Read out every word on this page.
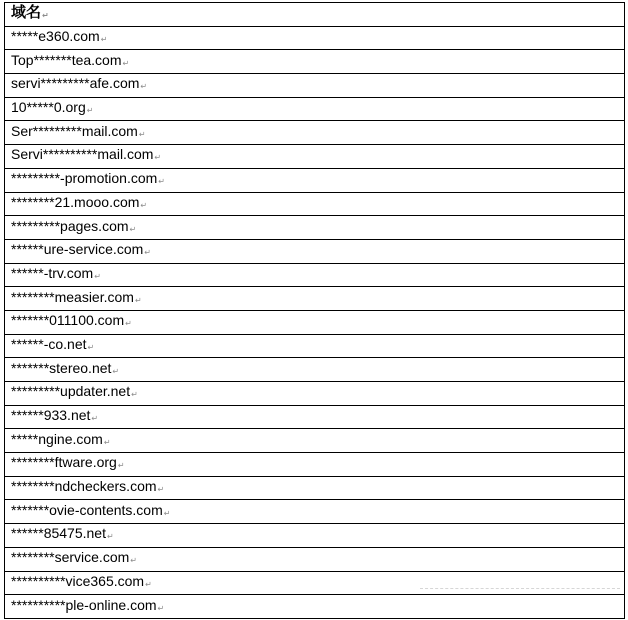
域名↵
*****e360.com↵
Top*******tea.com↵
servi*********afe.com↵
10*****0.org↵
Ser*********mail.com↵
Servi**********mail.com↵
*********-promotion.com↵
********21.mooo.com↵
*********pages.com↵
******ure-service.com↵
******-trv.com↵
********measier.com↵
*******011100.com↵
******-co.net↵
*******stereo.net↵
*********updater.net↵
******933.net↵
*****ngine.com↵
********ftware.org↵
********ndcheckers.com↵
*******ovie-contents.com↵
******85475.net↵
********service.com↵
**********vice365.com↵
**********ple-online.com↵
